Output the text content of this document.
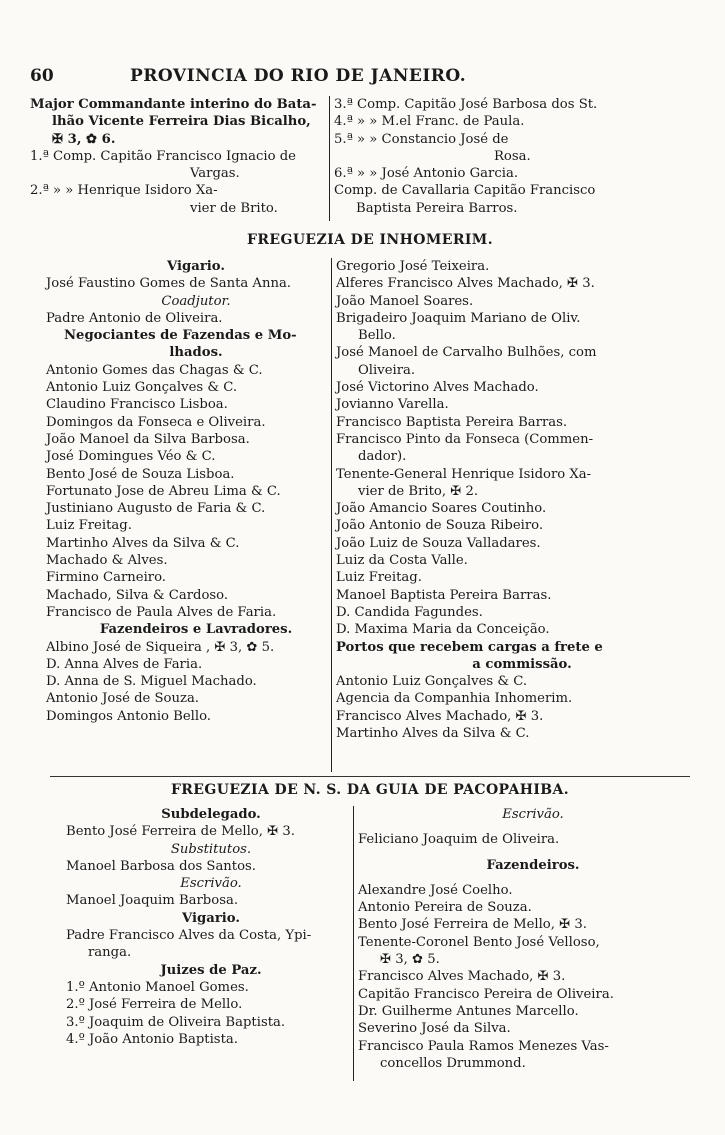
60	PROVINCIA DO RIO DE JANEIRO.
Major Commandante interino do Bata-
lhão Vicente Ferreira Dias Bicalho,
✠ 3, ✿ 6.
1.ª Comp. Capitão Francisco Ignacio de
Vargas.
2.ª » » Henrique Isidoro Xa-
vier de Brito.
3.ª Comp. Capitão José Barbosa dos St.
4.ª » » M.el Franc. de Paula.
5.ª » » Constancio José de
Rosa.
6.ª » » José Antonio Garcia.
Comp. de Cavallaria Capitão Francisco
Baptista Pereira Barros.
FREGUEZIA DE INHOMERIM.
Vigario.
José Faustino Gomes de Santa Anna.
Coadjutor.
Padre Antonio de Oliveira.
Negociantes de Fazendas e Mo-
lhados.
Antonio Gomes das Chagas & C.
Antonio Luiz Gonçalves & C.
Claudino Francisco Lisboa.
Domingos da Fonseca e Oliveira.
João Manoel da Silva Barbosa.
José Domingues Véo & C.
Bento José de Souza Lisboa.
Fortunato Jose de Abreu Lima & C.
Justiniano Augusto de Faria & C.
Luiz Freitag.
Martinho Alves da Silva & C.
Machado & Alves.
Firmino Carneiro.
Machado, Silva & Cardoso.
Francisco de Paula Alves de Faria.
Fazendeiros e Lavradores.
Albino José de Siqueira , ✠ 3, ✿ 5.
D. Anna Alves de Faria.
D. Anna de S. Miguel Machado.
Antonio José de Souza.
Domingos Antonio Bello.
Gregorio José Teixeira.
Alferes Francisco Alves Machado, ✠ 3.
João Manoel Soares.
Brigadeiro Joaquim Mariano de Oliv.
Bello.
José Manoel de Carvalho Bulhões, com
Oliveira.
José Victorino Alves Machado.
Jovianno Varella.
Francisco Baptista Pereira Barras.
Francisco Pinto da Fonseca (Commen-
dador).
Tenente-General Henrique Isidoro Xa-
vier de Brito, ✠ 2.
João Amancio Soares Coutinho.
João Antonio de Souza Ribeiro.
João Luiz de Souza Valladares.
Luiz da Costa Valle.
Luiz Freitag.
Manoel Baptista Pereira Barras.
D. Candida Fagundes.
D. Maxima Maria da Conceição.
Portos que recebem cargas a frete e
a commissão.
Antonio Luiz Gonçalves & C.
Agencia da Companhia Inhomerim.
Francisco Alves Machado, ✠ 3.
Martinho Alves da Silva & C.
FREGUEZIA DE N. S. DA GUIA DE PACOPAHIBA.
Subdelegado.
Bento José Ferreira de Mello, ✠ 3.
Substitutos.
Manoel Barbosa dos Santos.
Escrivão.
Manoel Joaquim Barbosa.
Vigario.
Padre Francisco Alves da Costa, Ypi-
ranga.
Juizes de Paz.
1.º Antonio Manoel Gomes.
2.º José Ferreira de Mello.
3.º Joaquim de Oliveira Baptista.
4.º João Antonio Baptista.
Escrivão.
Feliciano Joaquim de Oliveira.
Fazendeiros.
Alexandre José Coelho.
Antonio Pereira de Souza.
Bento José Ferreira de Mello, ✠ 3.
Tenente-Coronel Bento José Velloso,
✠ 3, ✿ 5.
Francisco Alves Machado, ✠ 3.
Capitão Francisco Pereira de Oliveira.
Dr. Guilherme Antunes Marcello.
Severino José da Silva.
Francisco Paula Ramos Menezes Vas-
concellos Drummond.
